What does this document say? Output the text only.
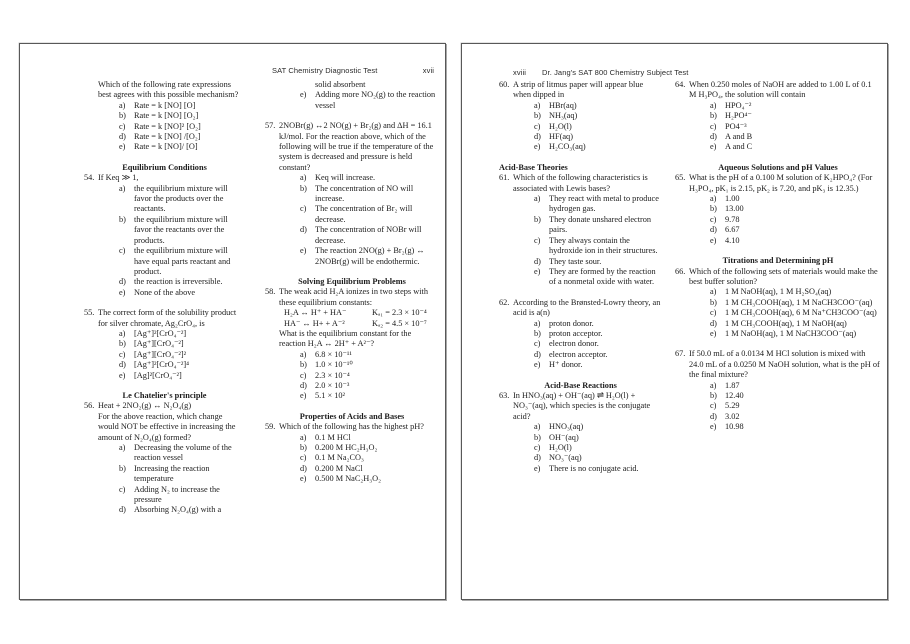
SAT Chemistry Diagnostic Test	xvii

Which of the following rate expressions best agrees with this possible mechanism?

a)	Rate = k [NO] [O]
b) Rate = k [NO] [O₂]
c)	Rate = k [NO]² [O₂]
d) Rate = k [NO] /[O₂]
e)	Rate = k [NO]/ [O]
Equilibrium Conditions
54. If Keq ≫ 1,

a)	the equilibrium mixture will favor the products over the reactants.
b) the equilibrium mixture will favor the reactants over the products.
c)	the equilibrium mixture will have equal parts reactant and product.
d) the reaction is irreversible.
e)	None of the above
55. The correct form of the solubility product for silver chromate, Ag₂CrO₄, is

a)	[Ag⁺]²[CrO₄⁻²]
b) [Ag⁺][CrO₄⁻²]
c)	[Ag⁺][CrO₄⁻²]²
d) [Ag⁺]²[CrO₄⁻²]⁴
e)	[Ag]²[CrO₄⁻²]
Le Chatelier's principle
56. Heat + 2NO₂(g) ↔ N₂O₄(g)

For the above reaction, which change would NOT be effective in increasing the amount of N₂O₄(g) formed?

a)	Decreasing the volume of the reaction vessel
b) Increasing the reaction temperature
c)	Adding N₂ to increase the pressure
d) Absorbing N₂O₄(g) with a
solid absorbent
e)	Adding more NO₂(g) to the reaction vessel
57. 2NOBr(g) ↔2 NO(g) + Br₂(g) and ΔH = 16.1 kJ/mol. For the reaction above, which of the following will be true if the temperature of the system is decreased and pressure is held constant?

a)	Keq will increase.
b) The concentration of NO will increase.
c)	The concentration of Br₂ will decrease.
d) The concentration of NOBr will decrease.
e)	The reaction 2NO(g) + Br₂(g) ↔ 2NOBr(g) will be endothermic.
Solving Equilibrium Problems
58. The weak acid H₂A ionizes in two steps with these equilibrium constants:

H₂A ↔ H⁺ + HA⁻	Kₐ₁ = 2.3 × 10⁻⁴
HA⁻ ↔ H+ + A⁻²	Kₐ₂ = 4.5 × 10⁻⁷

What is the equilibrium constant for the reaction H₂A ↔ 2H⁺ + A²⁻?

a)	6.8 × 10⁻¹¹
b) 1.0 × 10⁻¹⁰
c)	2.3 × 10⁻⁴
d) 2.0 × 10⁻³
e)	5.1 × 10²
Properties of Acids and Bases
59. Which of the following has the highest pH?

a)	0.1 M HCl
b) 0.200 M HC₂H₃O₂
c)	0.1 M Na₂CO₃
d) 0.200 M NaCl
e)	0.500 M NaC₂H₃O₂
xviii Dr. Jang's SAT 800 Chemistry Subject Test
60. A strip of litmus paper will appear blue when dipped in

a)	HBr(aq)
b) NH₃(aq)
c)	H₂O(l)
d) HF(aq)
e)	H₂CO₃(aq)
Acid-Base Theories
61. Which of the following characteristics is associated with Lewis bases?

a)	They react with metal to produce hydrogen gas.
b) They donate unshared electron pairs.
c)	They always contain the hydroxide ion in their structures.
d) They taste sour.
e)	They are formed by the reaction of a nonmetal oxide with water.
62. According to the Brønsted-Lowry theory, an acid is a(n)

a)	proton donor.
b) proton acceptor.
c)	electron donor.
d) electron acceptor.
e)	H⁺ donor.
Acid-Base Reactions
63. In HNO₃(aq) + OH⁻(aq) ⇌ H₂O(l) + NO₃⁻(aq), which species is the conjugate acid?

a)	HNO₃(aq)
b) OH⁻(aq)
c)	H₂O(l)
d) NO₃⁻(aq)
e)	There is no conjugate acid.
64. When 0.250 moles of NaOH are added to 1.00 L of 0.1 M H₃PO₄, the solution will contain

a)	HPO₄⁻²
b) H₂PO⁴⁻
c)	PO4⁻³
d) A and B
e)	A and C
Aqueous Solutions and pH Values
65. What is the pH of a 0.100 M solution of K₂HPO₄? (For H₃PO₄, pK₁ is 2.15, pK₂ is 7.20, and pK₃ is 12.35.)

a)	1.00
b) 13.00
c)	9.78
d) 6.67
e)	4.10
Titrations and Determining pH
66. Which of the following sets of materials would make the best buffer solution?

a)	1 M NaOH(aq), 1 M H₂SO₄(aq)
b) 1 M CH₃COOH(aq), 1 M NaCH3COO⁻(aq)
c)	1 M CH₃COOH(aq), 6 M Na⁺CH3COO⁻(aq)
d) 1 M CH₃COOH(aq), 1 M NaOH(aq)
e)	1 M NaOH(aq), 1 M NaCH3COO⁻(aq)
67. If 50.0 mL of a 0.0134 M HCl solution is mixed with 24.0 mL of a 0.0250 M NaOH solution, what is the pH of the final mixture?

a)	1.87
b) 12.40
c)	5.29
d) 3.02
e)	10.98
